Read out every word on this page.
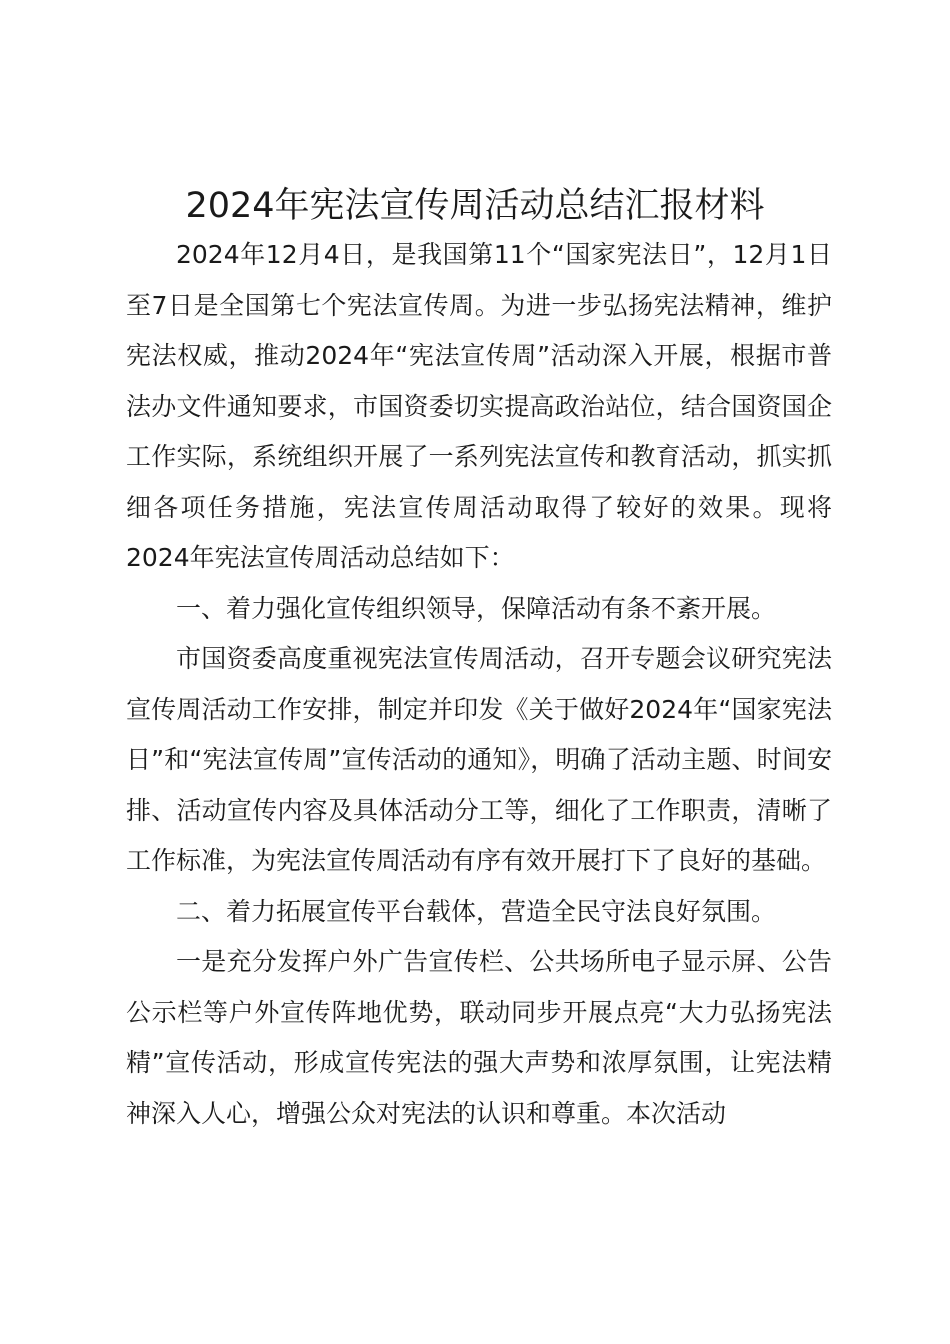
2024年宪法宣传周活动总结汇报材料

2024年12月4日，是我国第11个“国家宪法日”，12月1日至7日是全国第七个宪法宣传周。为进一步弘扬宪法精神，维护宪法权威，推动2024年“宪法宣传周”活动深入开展，根据市普法办文件通知要求，市国资委切实提高政治站位，结合国资国企工作实际，系统组织开展了一系列宪法宣传和教育活动，抓实抓细各项任务措施，宪法宣传周活动取得了较好的效果。现将2024年宪法宣传周活动总结如下：

一、着力强化宣传组织领导，保障活动有条不紊开展。

市国资委高度重视宪法宣传周活动，召开专题会议研究宪法宣传周活动工作安排，制定并印发《关于做好2024年“国家宪法日”和“宪法宣传周”宣传活动的通知》，明确了活动主题、时间安排、活动宣传内容及具体活动分工等，细化了工作职责，清晰了工作标准，为宪法宣传周活动有序有效开展打下了良好的基础。

二、着力拓展宣传平台载体，营造全民守法良好氛围。

一是充分发挥户外广告宣传栏、公共场所电子显示屏、公告公示栏等户外宣传阵地优势，联动同步开展点亮“大力弘扬宪法精”宣传活动，形成宣传宪法的强大声势和浓厚氛围，让宪法精神深入人心，增强公众对宪法的认识和尊重。本次活动
